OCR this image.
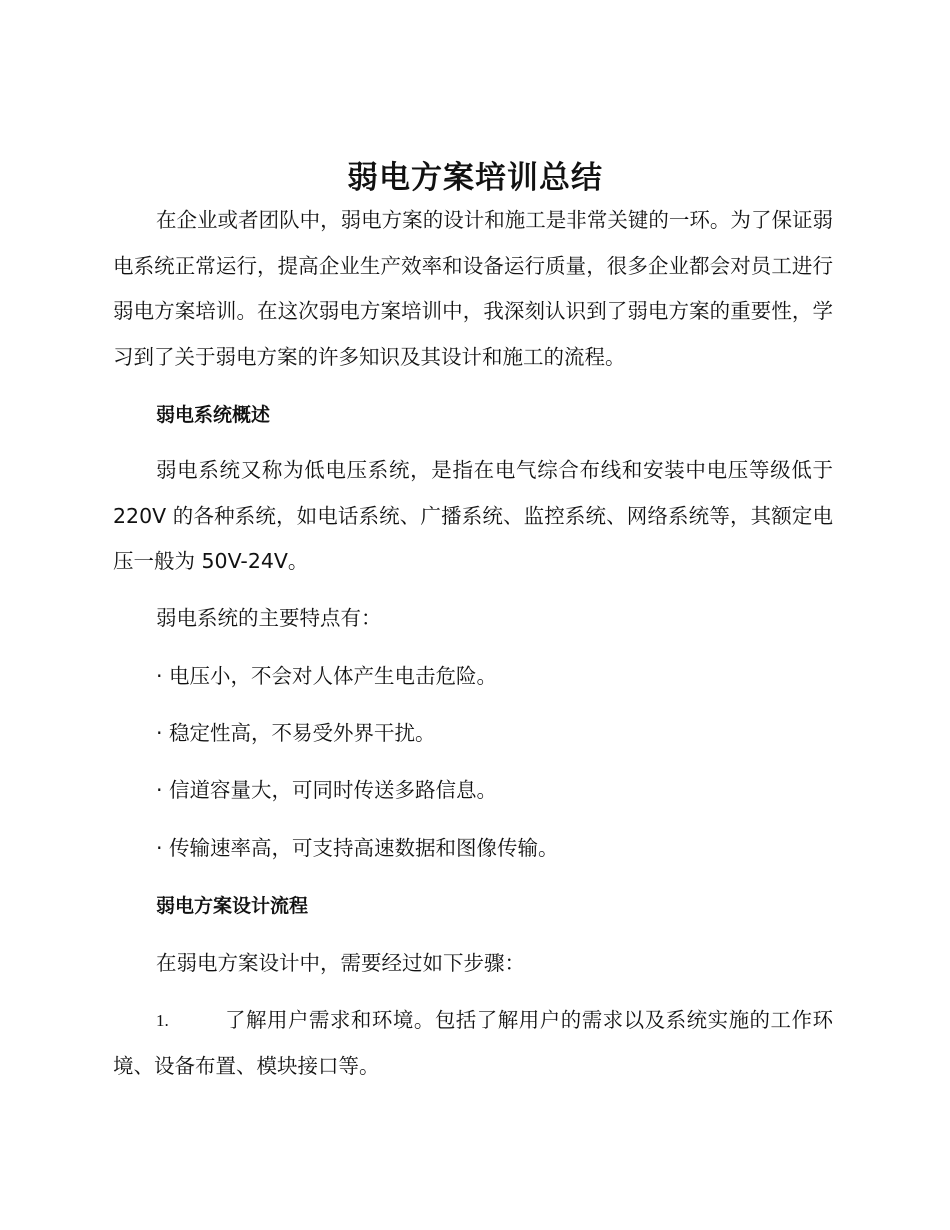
弱电方案培训总结
在企业或者团队中，弱电方案的设计和施工是非常关键的一环。为了保证弱电系统正常运行，提高企业生产效率和设备运行质量，很多企业都会对员工进行弱电方案培训。在这次弱电方案培训中，我深刻认识到了弱电方案的重要性，学习到了关于弱电方案的许多知识及其设计和施工的流程。
弱电系统概述
弱电系统又称为低电压系统，是指在电气综合布线和安装中电压等级低于 220V 的各种系统，如电话系统、广播系统、监控系统、网络系统等，其额定电压一般为 50V-24V。
弱电系统的主要特点有：
· 电压小，不会对人体产生电击危险。
· 稳定性高，不易受外界干扰。
· 信道容量大，可同时传送多路信息。
· 传输速率高，可支持高速数据和图像传输。
弱电方案设计流程
在弱电方案设计中，需要经过如下步骤：
1.	了解用户需求和环境。包括了解用户的需求以及系统实施的工作环境、设备布置、模块接口等。
